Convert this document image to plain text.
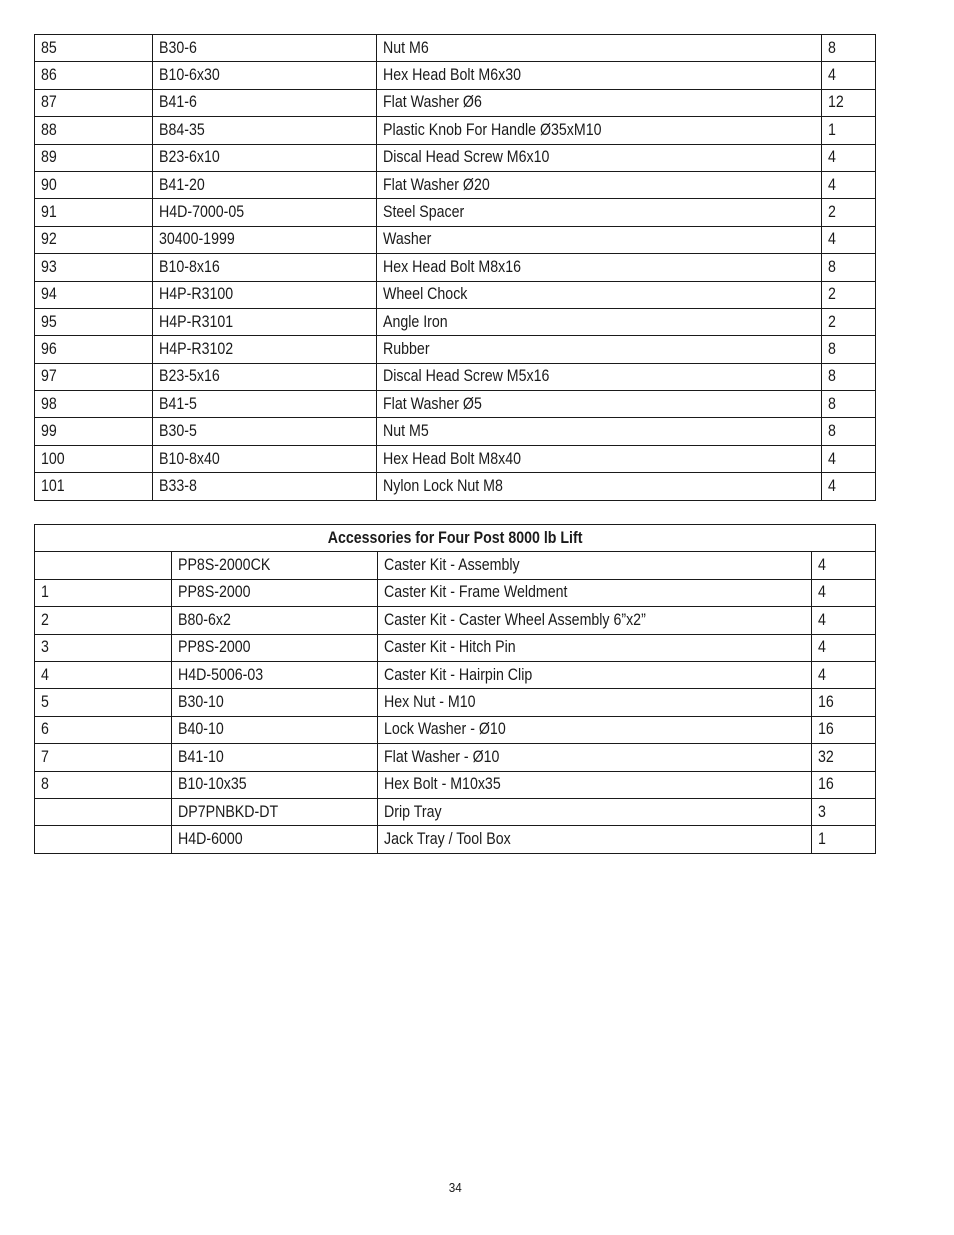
85	B30-6	Nut M6	8
86	B10-6x30	Hex Head Bolt M6x30	4
87	B41-6	Flat Washer Ø6	12
88	B84-35	Plastic Knob For Handle Ø35xM10	1
89	B23-6x10	Discal Head Screw M6x10	4
90	B41-20	Flat Washer Ø20	4
91	H4D-7000-05	Steel Spacer	2
92	30400-1999	Washer	4
93	B10-8x16	Hex Head Bolt M8x16	8
94	H4P-R3100	Wheel Chock	2
95	H4P-R3101	Angle Iron	2
96	H4P-R3102	Rubber	8
97	B23-5x16	Discal Head Screw M5x16	8
98	B41-5	Flat Washer Ø5	8
99	B30-5	Nut M5	8
100	B10-8x40	Hex Head Bolt M8x40	4
101	B33-8	Nylon Lock Nut M8	4
Accessories for Four Post 8000 lb Lift			
	PP8S-2000CK	Caster Kit - Assembly	4
1	PP8S-2000	Caster Kit - Frame Weldment	4
2	B80-6x2	Caster Kit - Caster Wheel Assembly 6”x2”	4
3	PP8S-2000	Caster Kit - Hitch Pin	4
4	H4D-5006-03	Caster Kit - Hairpin Clip	4
5	B30-10	Hex Nut - M10	16
6	B40-10	Lock Washer - Ø10	16
7	B41-10	Flat Washer - Ø10	32
8	B10-10x35	Hex Bolt - M10x35	16
	DP7PNBKD-DT	Drip Tray	3
	H4D-6000	Jack Tray / Tool Box	1
34
